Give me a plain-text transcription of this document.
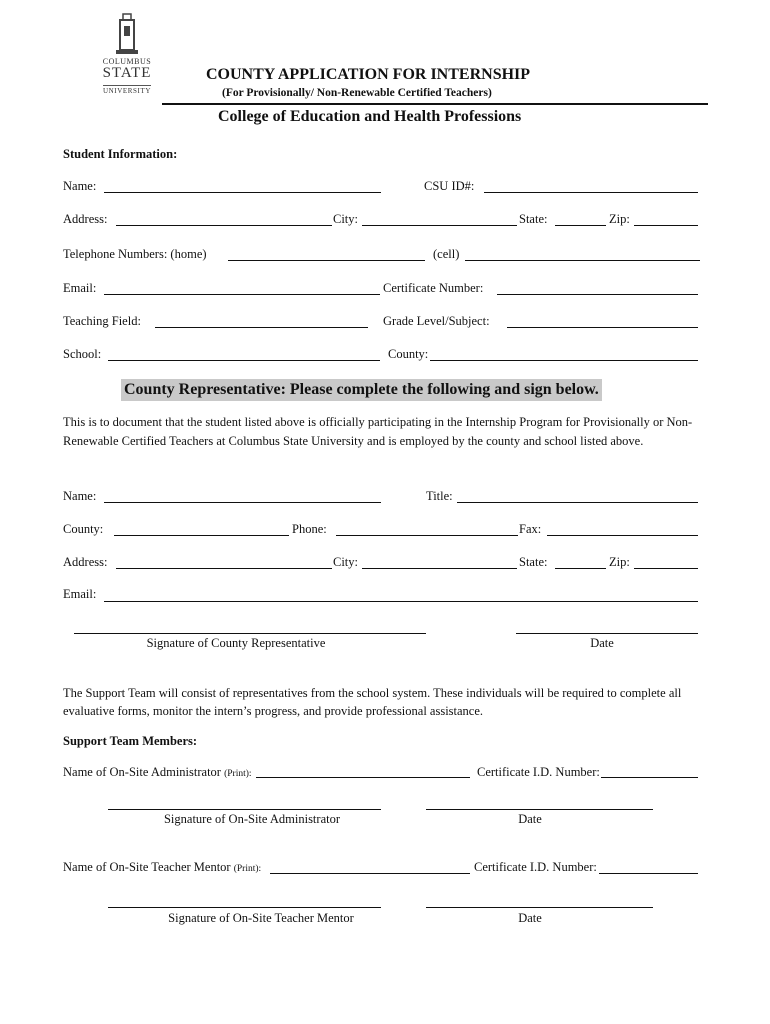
COLUMBUS
STATE
UNIVERSITY
COUNTY APPLICATION FOR INTERNSHIP
(For Provisionally/ Non-Renewable Certified Teachers)
College of Education and Health Professions
Student Information:
Name:	CSU ID#:
Address:	City:	State:	Zip:
Telephone Numbers: (home)	(cell)
Email:	Certificate Number:
Teaching Field:	Grade Level/Subject:
School:	County:
County Representative: Please complete the following and sign below.
This is to document that the student listed above is officially participating in the Internship Program for Provisionally or Non-Renewable Certified Teachers at Columbus State University and is employed by the county and school listed above.
Name:	Title:
County:	Phone:	Fax:
Address:	City:	State:	Zip:
Email:
Signature of County Representative	Date
The Support Team will consist of representatives from the school system. These individuals will be required to complete all evaluative forms, monitor the intern’s progress, and provide professional assistance.
Support Team Members:
Name of On-Site Administrator (Print):	Certificate I.D. Number:
Signature of On-Site Administrator	Date
Name of On-Site Teacher Mentor (Print):	Certificate I.D. Number:
Signature of On-Site Teacher Mentor	Date
